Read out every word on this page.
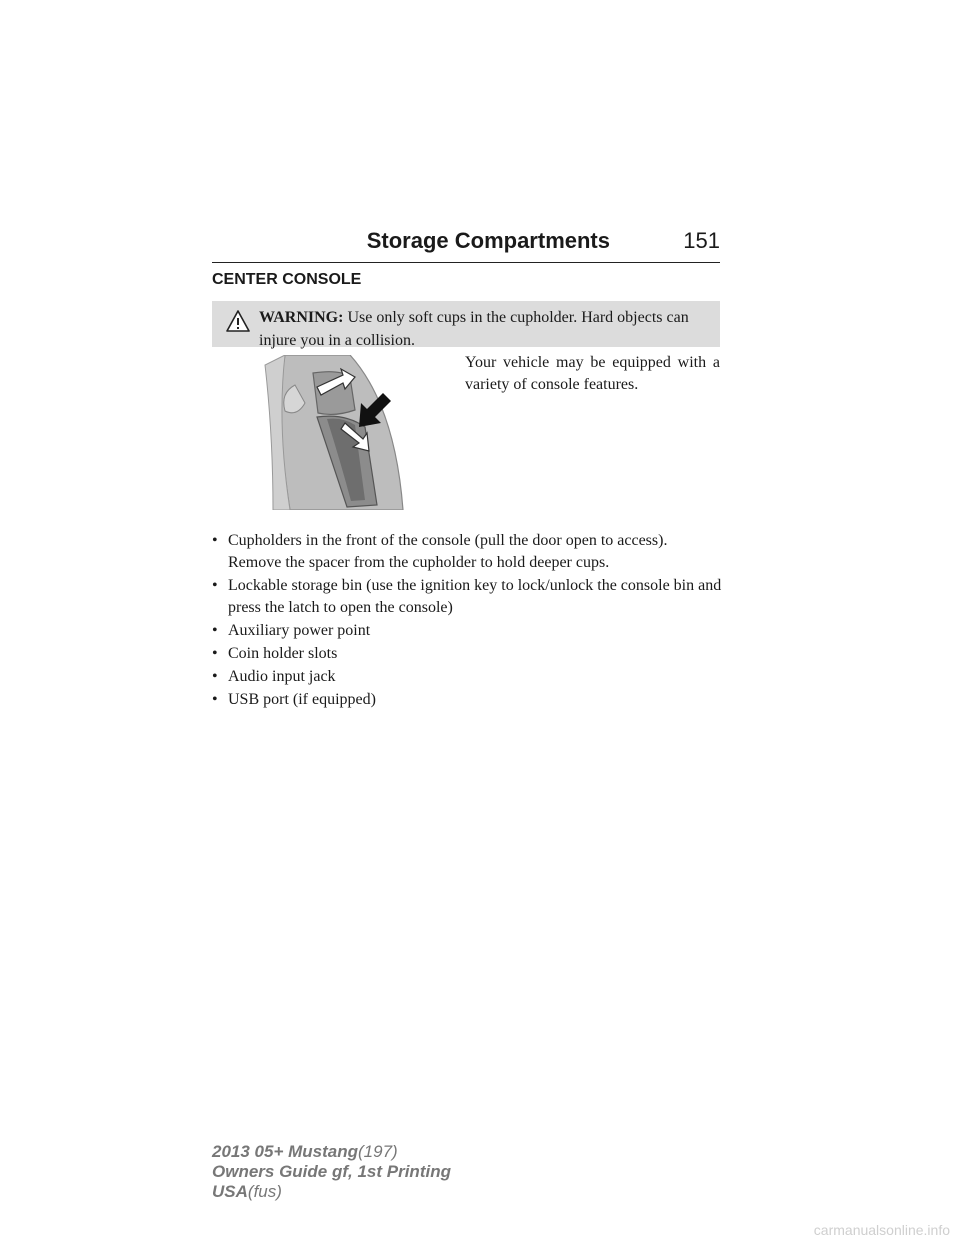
Storage Compartments	151
CENTER CONSOLE
WARNING: Use only soft cups in the cupholder. Hard objects can injure you in a collision.
Your vehicle may be equipped with a variety of console features.
• Cupholders in the front of the console (pull the door open to access). Remove the spacer from the cupholder to hold deeper cups.
• Lockable storage bin (use the ignition key to lock/unlock the console bin and press the latch to open the console)
• Auxiliary power point
• Coin holder slots
• Audio input jack
• USB port (if equipped)
2013 05+ Mustang(197)
Owners Guide gf, 1st Printing
USA(fus)
carmanualsonline.info
